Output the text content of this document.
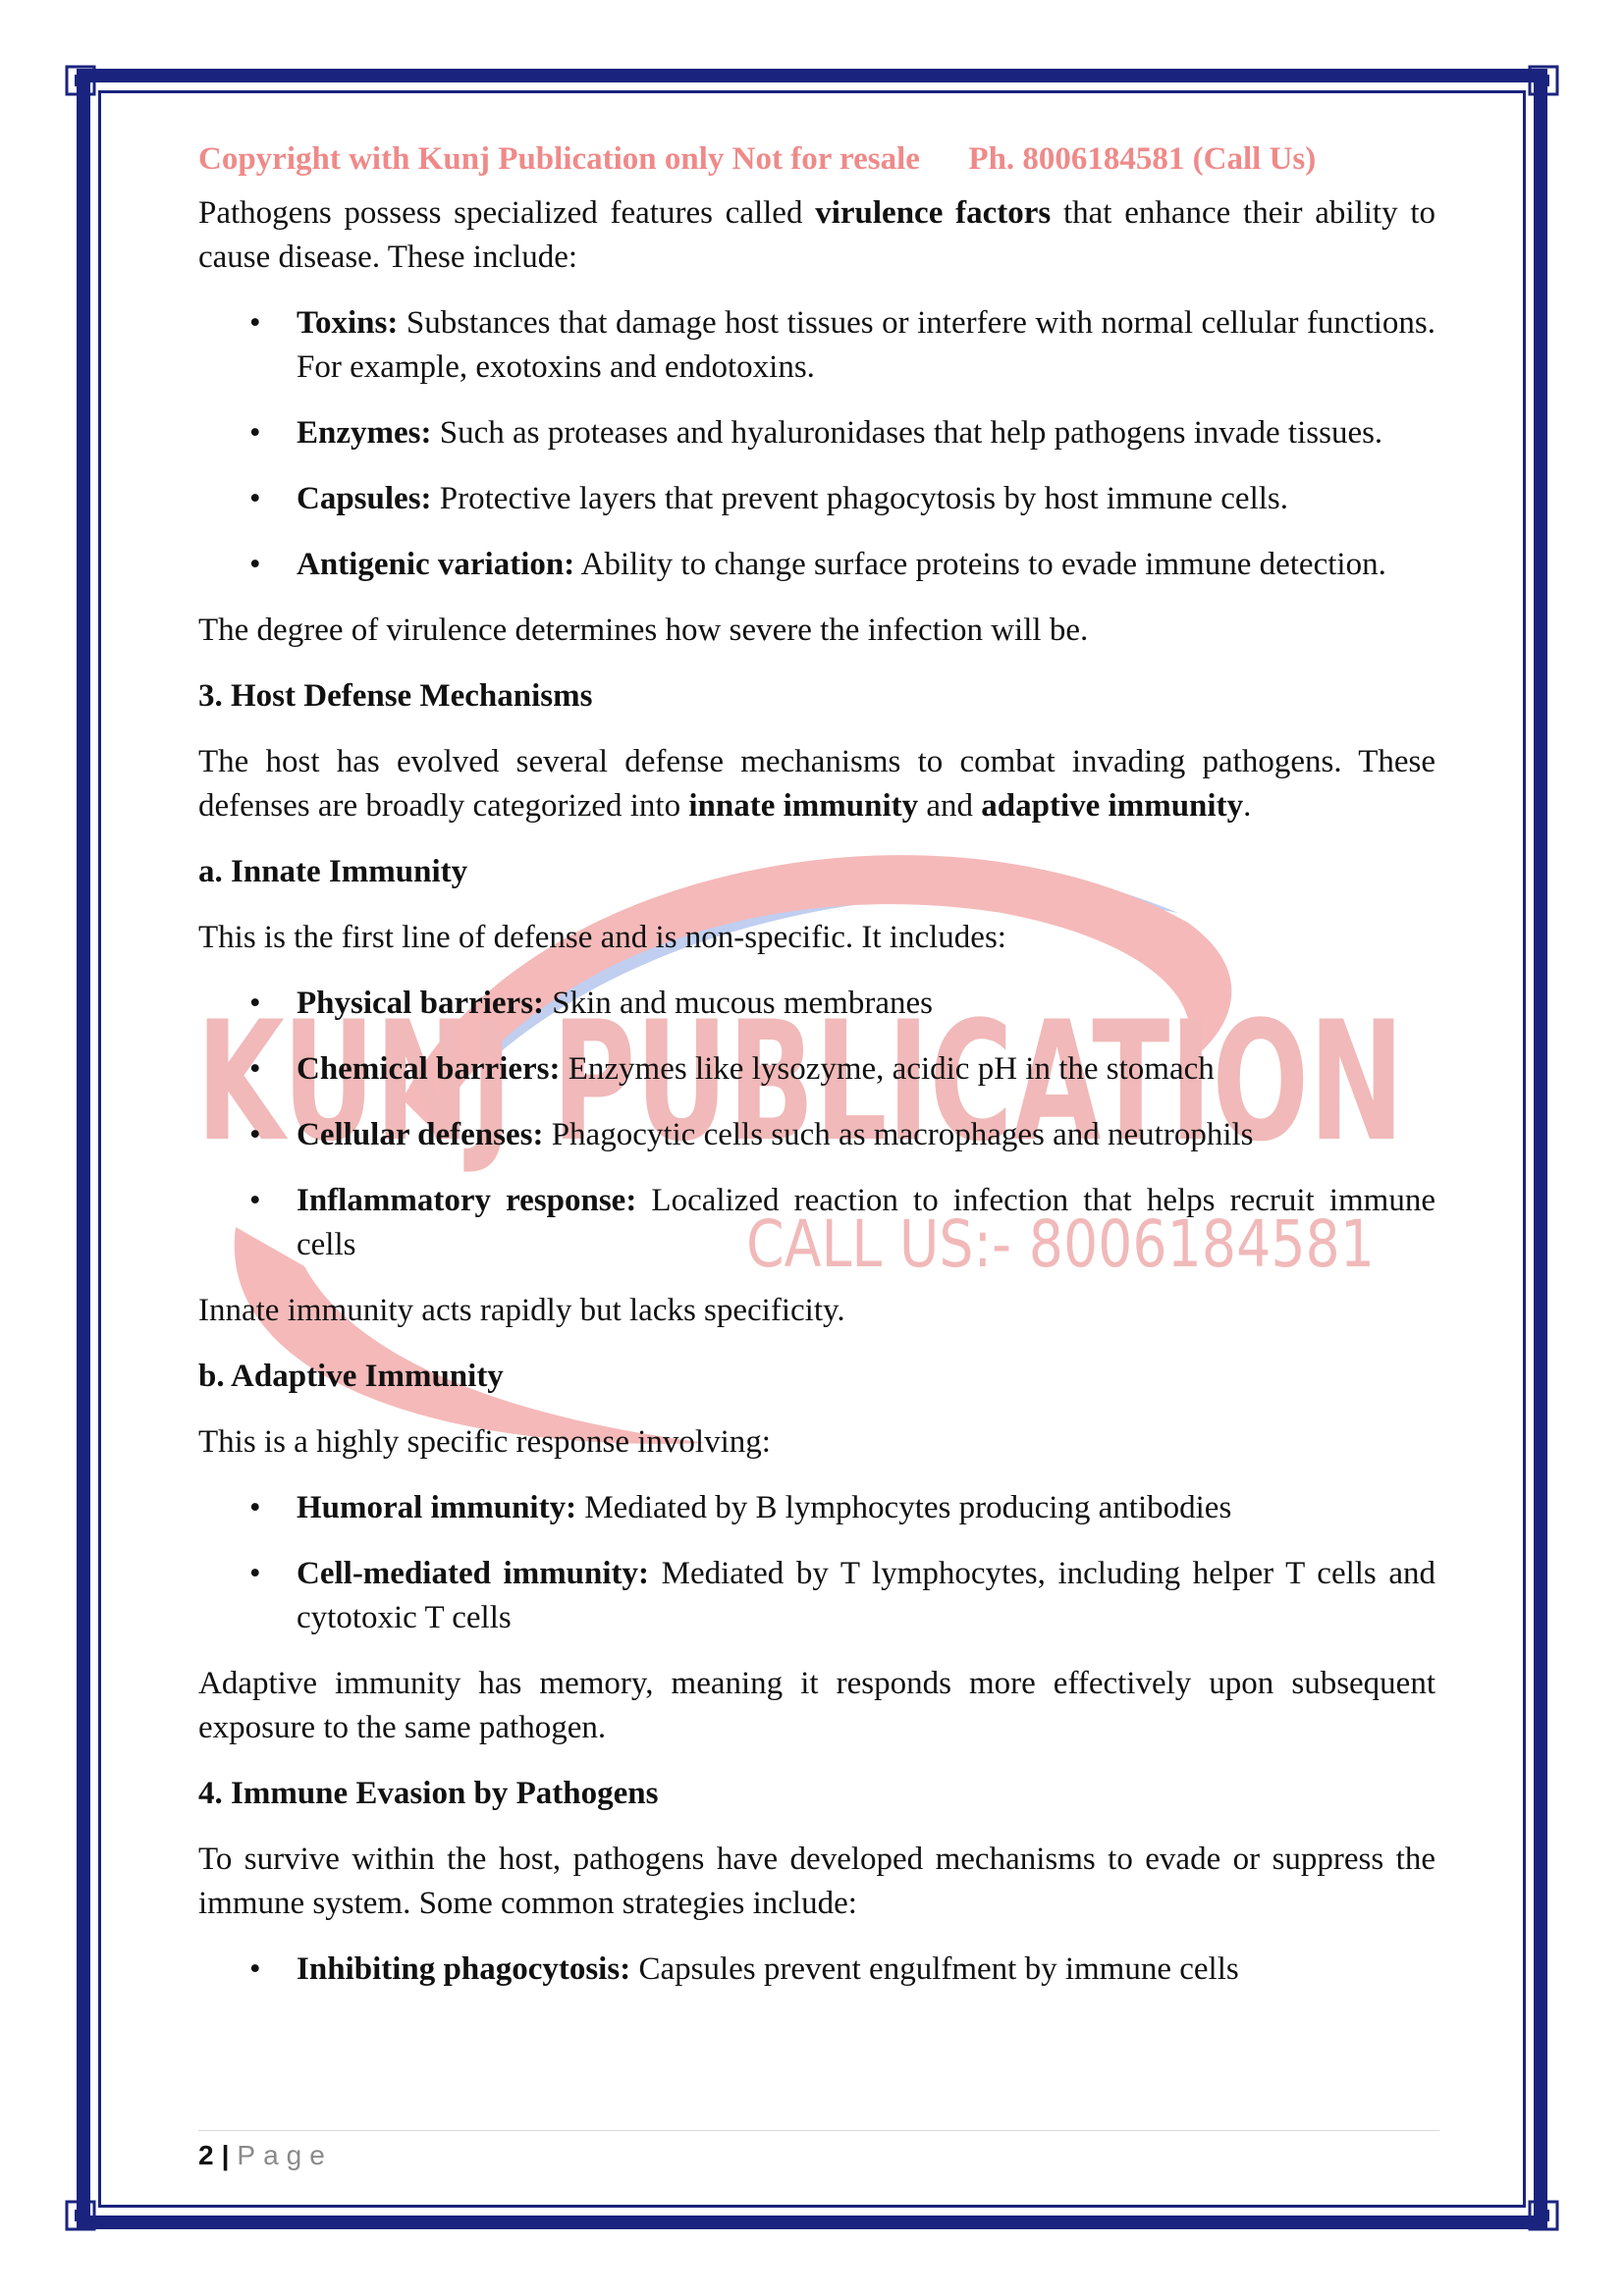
KUNJ PUBLICATION
CALL US:- 8006184581
Copyright with Kunj Publication only Not for resale Ph. 8006184581 (Call Us)

Pathogens possess specialized features called virulence factors that enhance their ability to cause disease. These include:

• Toxins: Substances that damage host tissues or interfere with normal cellular functions. For example, exotoxins and endotoxins.
• Enzymes: Such as proteases and hyaluronidases that help pathogens invade tissues.
• Capsules: Protective layers that prevent phagocytosis by host immune cells.
• Antigenic variation: Ability to change surface proteins to evade immune detection.

The degree of virulence determines how severe the infection will be.

3. Host Defense Mechanisms

The host has evolved several defense mechanisms to combat invading pathogens. These defenses are broadly categorized into innate immunity and adaptive immunity.

a. Innate Immunity

This is the first line of defense and is non-specific. It includes:

• Physical barriers: Skin and mucous membranes
• Chemical barriers: Enzymes like lysozyme, acidic pH in the stomach
• Cellular defenses: Phagocytic cells such as macrophages and neutrophils
• Inflammatory response: Localized reaction to infection that helps recruit immune cells

Innate immunity acts rapidly but lacks specificity.

b. Adaptive Immunity

This is a highly specific response involving:

• Humoral immunity: Mediated by B lymphocytes producing antibodies
• Cell-mediated immunity: Mediated by T lymphocytes, including helper T cells and cytotoxic T cells

Adaptive immunity has memory, meaning it responds more effectively upon subsequent exposure to the same pathogen.

4. Immune Evasion by Pathogens

To survive within the host, pathogens have developed mechanisms to evade or suppress the immune system. Some common strategies include:

• Inhibiting phagocytosis: Capsules prevent engulfment by immune cells
2 | Page
